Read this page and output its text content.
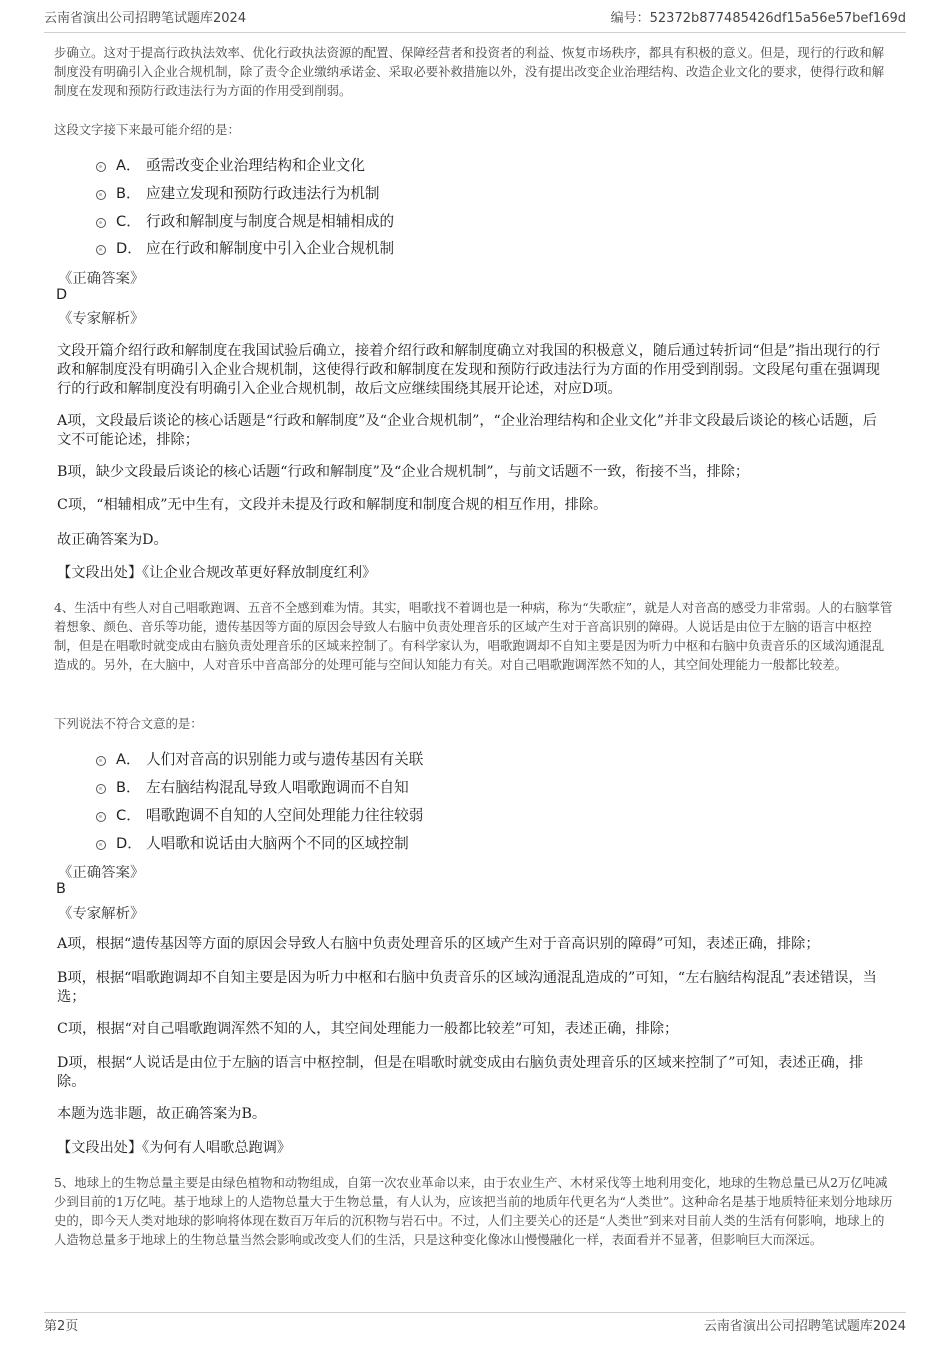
云南省演出公司招聘笔试题库2024	编号：52372b877485426df15a56e57bef169d
步确立。这对于提高行政执法效率、优化行政执法资源的配置、保障经营者和投资者的利益、恢复市场秩序，都具有积极的意义。但是，现行的行政和解制度没有明确引入企业合规机制，除了责令企业缴纳承诺金、采取必要补救措施以外，没有提出改变企业治理结构、改造企业文化的要求，使得行政和解制度在发现和预防行政违法行为方面的作用受到削弱。
这段文字接下来最可能介绍的是：
A． 亟需改变企业治理结构和企业文化
B． 应建立发现和预防行政违法行为机制
C． 行政和解制度与制度合规是相辅相成的
D． 应在行政和解制度中引入企业合规机制
《正确答案》
D
《专家解析》
文段开篇介绍行政和解制度在我国试验后确立，接着介绍行政和解制度确立对我国的积极意义，随后通过转折词“但是”指出现行的行政和解制度没有明确引入企业合规机制，这使得行政和解制度在发现和预防行政违法行为方面的作用受到削弱。文段尾句重在强调现行的行政和解制度没有明确引入企业合规机制，故后文应继续围绕其展开论述，对应D项。
A项，文段最后谈论的核心话题是“行政和解制度”及“企业合规机制”，“企业治理结构和企业文化”并非文段最后谈论的核心话题，后文不可能论述，排除；
B项，缺少文段最后谈论的核心话题“行政和解制度”及“企业合规机制”，与前文话题不一致，衔接不当，排除；
C项，“相辅相成”无中生有，文段并未提及行政和解制度和制度合规的相互作用，排除。
故正确答案为D。
【文段出处】《让企业合规改革更好释放制度红利》
4、生活中有些人对自己唱歌跑调、五音不全感到难为情。其实，唱歌找不着调也是一种病，称为“失歌症”，就是人对音高的感受力非常弱。人的右脑掌管着想象、颜色、音乐等功能，遗传基因等方面的原因会导致人右脑中负责处理音乐的区域产生对于音高识别的障碍。人说话是由位于左脑的语言中枢控制，但是在唱歌时就变成由右脑负责处理音乐的区域来控制了。有科学家认为，唱歌跑调却不自知主要是因为听力中枢和右脑中负责音乐的区域沟通混乱造成的。另外，在大脑中，人对音乐中音高部分的处理可能与空间认知能力有关。对自己唱歌跑调浑然不知的人，其空间处理能力一般都比较差。
下列说法不符合文意的是：
A． 人们对音高的识别能力或与遗传基因有关联
B． 左右脑结构混乱导致人唱歌跑调而不自知
C． 唱歌跑调不自知的人空间处理能力往往较弱
D． 人唱歌和说话由大脑两个不同的区域控制
《正确答案》
B
《专家解析》
A项，根据“遗传基因等方面的原因会导致人右脑中负责处理音乐的区域产生对于音高识别的障碍”可知，表述正确，排除；
B项，根据“唱歌跑调却不自知主要是因为听力中枢和右脑中负责音乐的区域沟通混乱造成的”可知，“左右脑结构混乱”表述错误，当选；
C项，根据“对自己唱歌跑调浑然不知的人，其空间处理能力一般都比较差”可知，表述正确，排除；
D项，根据“人说话是由位于左脑的语言中枢控制，但是在唱歌时就变成由右脑负责处理音乐的区域来控制了”可知，表述正确，排除。
本题为选非题，故正确答案为B。
【文段出处】《为何有人唱歌总跑调》
5、地球上的生物总量主要是由绿色植物和动物组成，自第一次农业革命以来，由于农业生产、木材采伐等土地利用变化，地球的生物总量已从2万亿吨减少到目前的1万亿吨。基于地球上的人造物总量大于生物总量，有人认为，应该把当前的地质年代更名为“人类世”。这种命名是基于地质特征来划分地球历史的，即今天人类对地球的影响将体现在数百万年后的沉积物与岩石中。不过，人们主要关心的还是“人类世”到来对目前人类的生活有何影响，地球上的人造物总量多于地球上的生物总量当然会影响或改变人们的生活，只是这种变化像冰山慢慢融化一样，表面看并不显著，但影响巨大而深远。
第2页	云南省演出公司招聘笔试题库2024
